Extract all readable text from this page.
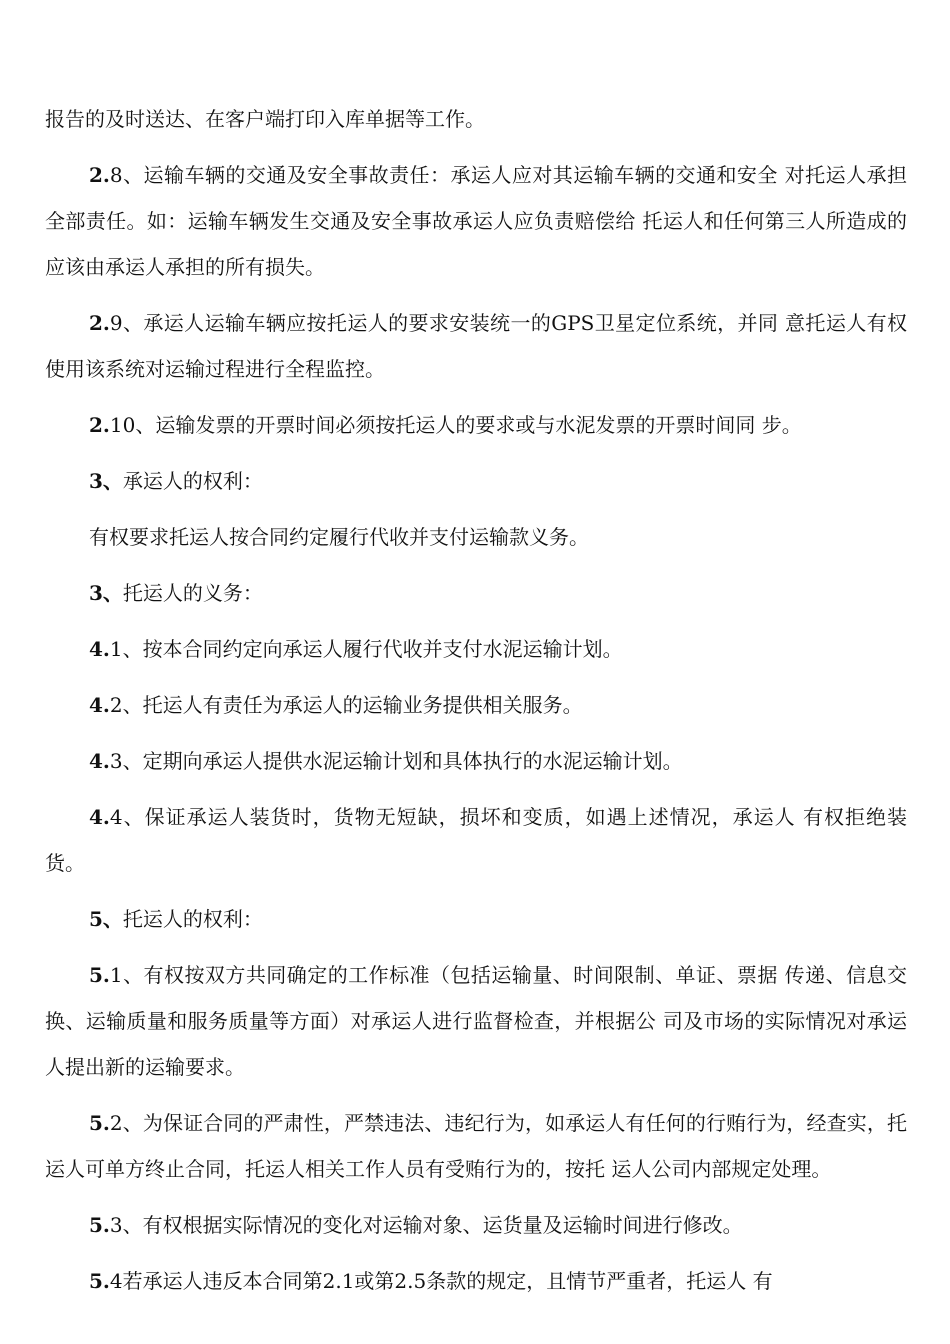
报告的及时送达、在客户端打印入库单据等工作。

2.8、运输车辆的交通及安全事故责任：承运人应对其运输车辆的交通和安全 对托运人承担全部责任。如：运输车辆发生交通及安全事故承运人应负责赔偿给 托运人和任何第三人所造成的应该由承运人承担的所有损失。

2.9、承运人运输车辆应按托运人的要求安装统一的GPS卫星定位系统，并同 意托运人有权使用该系统对运输过程进行全程监控。

2.10、运输发票的开票时间必须按托运人的要求或与水泥发票的开票时间同 步。

3、承运人的权利：

有权要求托运人按合同约定履行代收并支付运输款义务。

3、托运人的义务：

4.1、按本合同约定向承运人履行代收并支付水泥运输计划。

4.2、托运人有责任为承运人的运输业务提供相关服务。

4.3、定期向承运人提供水泥运输计划和具体执行的水泥运输计划。

4.4、保证承运人装货时，货物无短缺，损坏和变质，如遇上述情况，承运人 有权拒绝装货。

5、托运人的权利：

5.1、有权按双方共同确定的工作标准（包括运输量、时间限制、单证、票据 传递、信息交换、运输质量和服务质量等方面）对承运人进行监督检查，并根据公 司及市场的实际情况对承运人提出新的运输要求。

5.2、为保证合同的严肃性，严禁违法、违纪行为，如承运人有任何的行贿行为，经查实，托运人可单方终止合同，托运人相关工作人员有受贿行为的，按托 运人公司内部规定处理。

5.3、有权根据实际情况的变化对运输对象、运货量及运输时间进行修改。

5.4若承运人违反本合同第2.1或第2.5条款的规定，且情节严重者，托运人 有
